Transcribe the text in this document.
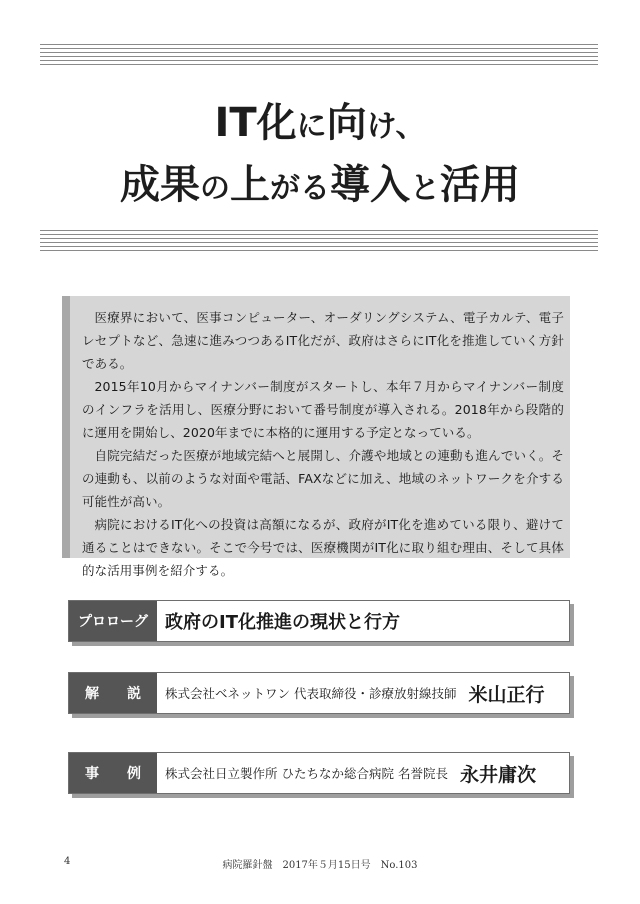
IT化に向け、
成果の上がる導入と活用

医療界において、医事コンピューター、オーダリングシステム、電子カルテ、電子レセプトなど、急速に進みつつあるIT化だが、政府はさらにIT化を推進していく方針である。

2015年10月からマイナンバー制度がスタートし、本年７月からマイナンバー制度のインフラを活用し、医療分野において番号制度が導入される。2018年から段階的に運用を開始し、2020年までに本格的に運用する予定となっている。

自院完結だった医療が地域完結へと展開し、介護や地域との連動も進んでいく。その連動も、以前のような対面や電話、FAXなどに加え、地域のネットワークを介する可能性が高い。

病院におけるIT化への投資は高額になるが、政府がIT化を進めている限り、避けて通ることはできない。そこで今号では、医療機関がIT化に取り組む理由、そして具体的な活用事例を紹介する。

プロローグ 政府のIT化推進の現状と行方
解 説 株式会社ベネットワン 代表取締役・診療放射線技師 米山正行
事 例 株式会社日立製作所 ひたちなか総合病院 名誉院長 永井庸次
4	病院羅針盤　2017年５月15日号　No.103
